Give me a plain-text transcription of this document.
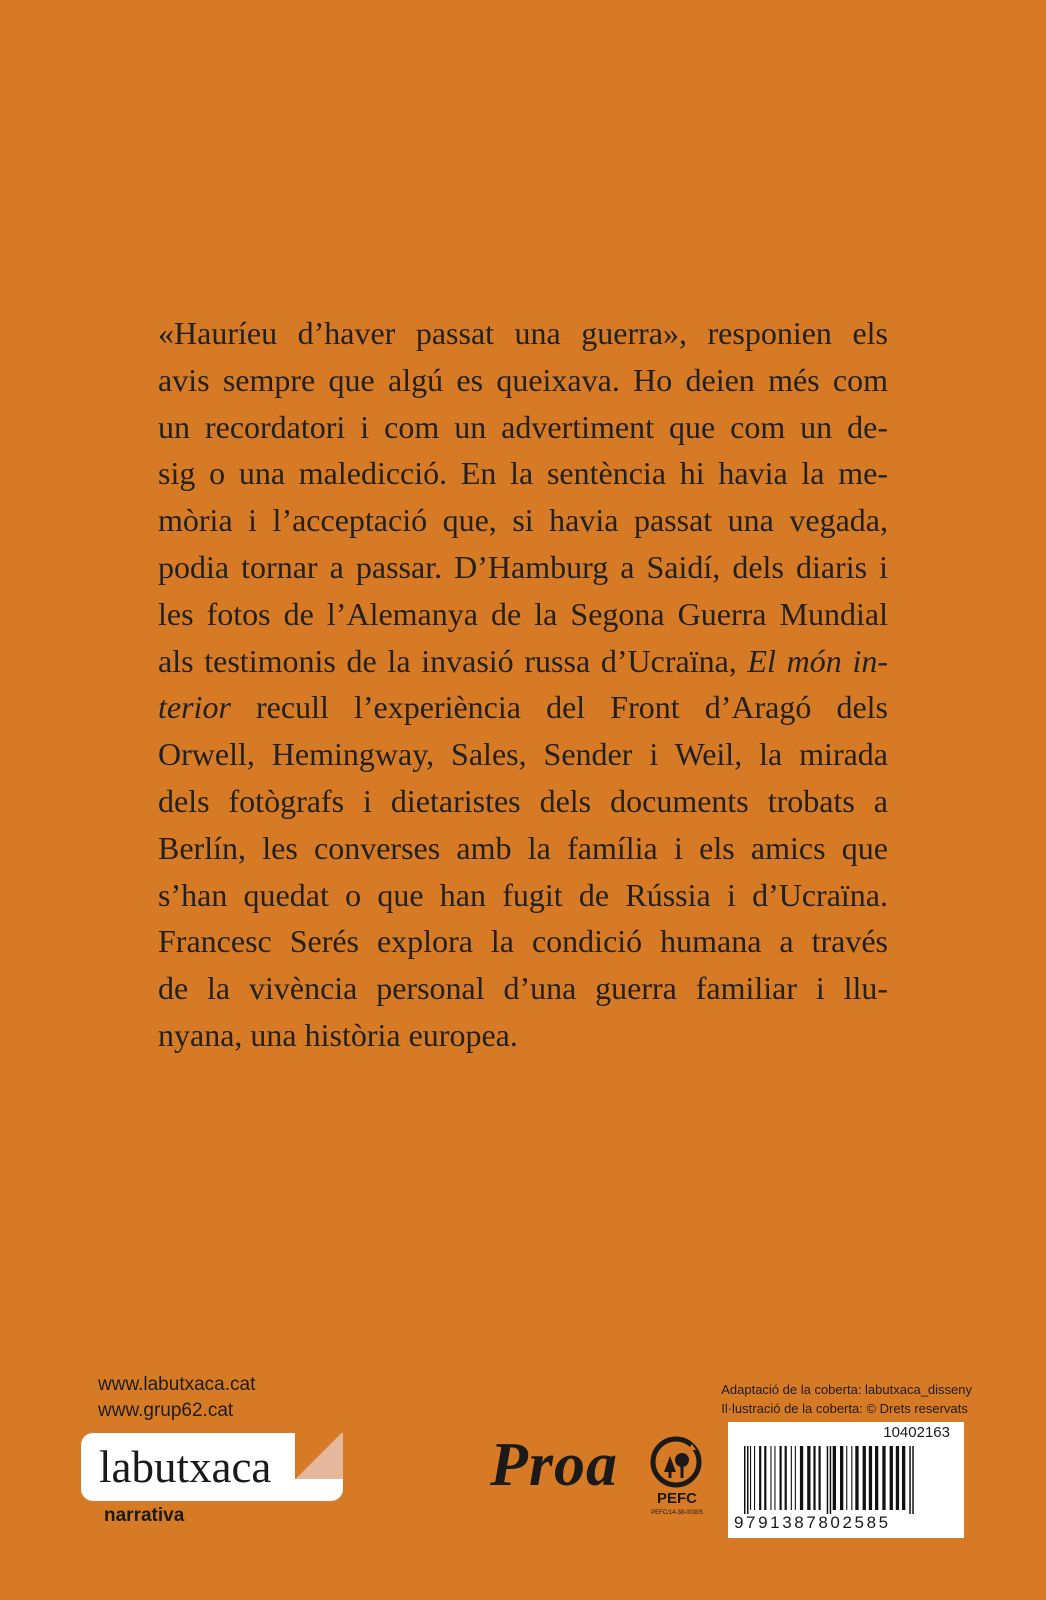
«Hauríeu d’haver passat una guerra», responien els
avis sempre que algú es queixava. Ho deien més com
un recordatori i com un advertiment que com un de-
sig o una maledicció. En la sentència hi havia la me-
mòria i l’acceptació que, si havia passat una vegada,
podia tornar a passar. D’Hamburg a Saidí, dels diaris i
les fotos de l’Alemanya de la Segona Guerra Mundial
als testimonis de la invasió russa d’Ucraïna, El món in-
terior recull l’experiència del Front d’Aragó dels
Orwell, Hemingway, Sales, Sender i Weil, la mirada
dels fotògrafs i dietaristes dels documents trobats a
Berlín, les converses amb la família i els amics que
s’han quedat o que han fugit de Rússia i d’Ucraïna.
Francesc Serés explora la condició humana a través
de la vivència personal d’una guerra familiar i llu-
nyana, una història europea.
www.labutxaca.cat
www.grup62.cat
labutxaca
narrativa
Proa	PEFC
PEFC/14-38-00305
Adaptació de la coberta: labutxaca_disseny
Il·lustració de la coberta: © Drets reservats
10402163
9791387802585
